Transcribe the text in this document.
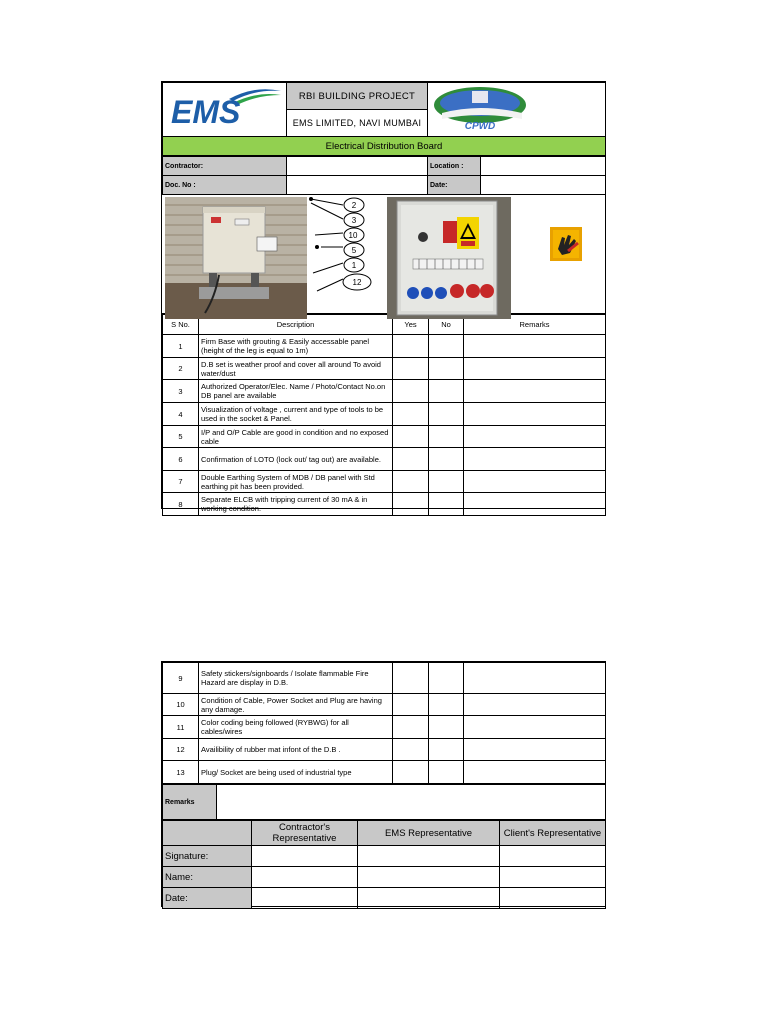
EMS	RBI BUILDING PROJECT	
CPWD

EMS LIMITED, NAVI MUMBAI
Electrical Distribution Board
Contractor:		Location :	
Doc. No :		Date:	
2
3
10
5
1
12
S No.	Description	Yes	No	Remarks
1	Firm Base with grouting & Easily accessable panel (height of the leg is equal to 1m)			
2	D.B set is weather proof and cover all around To avoid water/dust			
3	Authorized Operator/Elec. Name / Photo/Contact No.on DB panel are available			
4	Visualization of voltage , current and type of tools to be used in the socket & Panel.			
5	I/P and O/P Cable are good in condition and no exposed cable			
6	Confirmation of LOTO (lock out/ tag out) are available.			
7	Double Earthing System of MDB / DB panel with Std earthing pit has been provided.			
8	Separate ELCB with tripping current of 30 mA & in working condition.			
9	Safety stickers/signboards / Isolate flammable Fire Hazard are display in D.B.			
10	Condition of Cable, Power Socket and Plug are having any damage.			
11	Color coding being followed (RYBWG) for all cables/wires			
12	Availibility of rubber mat infont of the D.B .			
13	Plug/ Socket are being used of industrial type			
Remarks	
	Contractor's Representative	EMS Representative	Client's Representative
Signature:			
Name:			
Date:			
